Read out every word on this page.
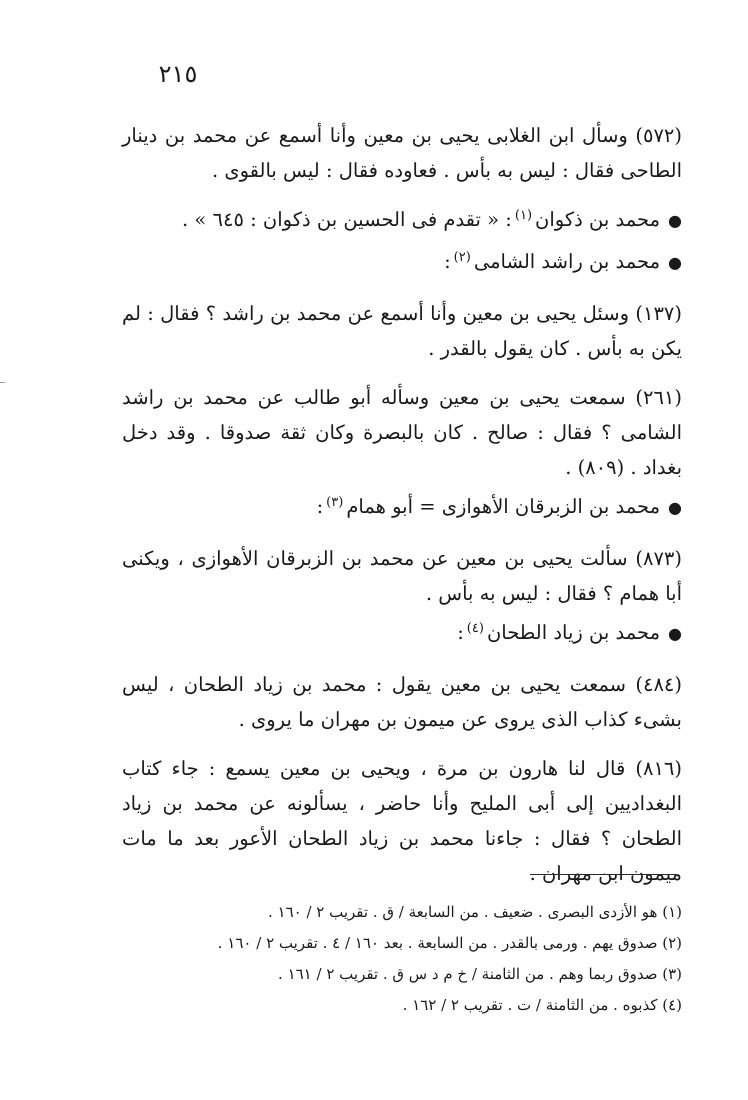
٢١٥

(٥٧٢) وسأل ابن الغلابى يحيى بن معين وأنا أسمع عن محمد بن دينار الطاحى فقال : ليس به بأس . فعاوده فقال : ليس بالقوى .

●محمد بن ذكوان$^{(١)}$: « تقدم فى الحسين بن ذكوان : ٦٤٥ » .

●محمد بن راشد الشامى$^{(٢)}$:

(١٣٧) وسئل يحيى بن معين وأنا أسمع عن محمد بن راشد ؟ فقال : لم يكن به بأس . كان يقول بالقدر .

(٢٦١) سمعت يحيى بن معين وسأله أبو طالب عن محمد بن راشد الشامى ؟ فقال : صالح . كان بالبصرة وكان ثقة صدوقا . وقد دخل بغداد . (٨٠٩) .

●محمد بن الزبرقان الأهوازى = أبو همام$^{(٣)}$:

(٨٧٣) سألت يحيى بن معين عن محمد بن الزبرقان الأهوازى ، ويكنى أبا همام ؟ فقال : ليس به بأس .

●محمد بن زياد الطحان$^{(٤)}$:

(٤٨٤) سمعت يحيى بن معين يقول : محمد بن زياد الطحان ، ليس بشىء كذاب الذى يروى عن ميمون بن مهران ما يروى .

(٨١٦) قال لنا هارون بن مرة ، ويحيى بن معين يسمع : جاء كتاب البغداديين إلى أبى المليح وأنا حاضر ، يسألونه عن محمد بن زياد الطحان ؟ فقال : جاءنا محمد بن زياد الطحان الأعور بعد ما مات ميمون ابن مهران .

(١) هو الأزدى البصرى . ضعيف . من السابعة / ق . تقريب ٢ / ١٦٠ .
(٢) صدوق يهم . ورمى بالقدر . من السابعة . بعد ١٦٠ / ٤ . تقريب ٢ / ١٦٠ .
(٣) صدوق ربما وهم . من الثامنة / خ م د س ق . تقريب ٢ / ١٦١ .
(٤) كذبوه . من الثامنة / ت . تقريب ٢ / ١٦٢ .
